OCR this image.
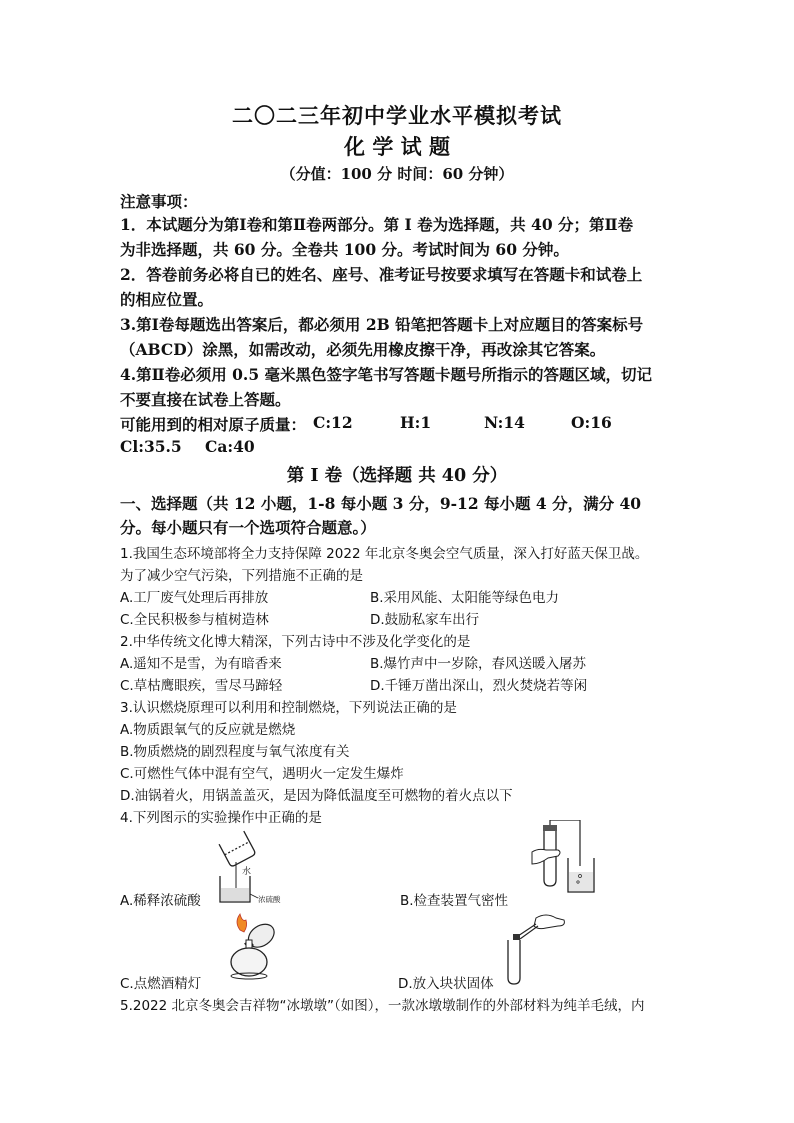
二〇二三年初中学业水平模拟考试
化 学 试 题
（分值：100 分 时间：60 分钟）
注意事项：
1．本试题分为第Ⅰ卷和第Ⅱ卷两部分。第 Ⅰ 卷为选择题，共 40 分；第Ⅱ卷
为非选择题，共 60 分。全卷共 100 分。考试时间为 60 分钟。
2．答卷前务必将自已的姓名、座号、准考证号按要求填写在答题卡和试卷上
的相应位置。
3.第Ⅰ卷每题选出答案后，都必须用 2B 铅笔把答题卡上对应题目的答案标号
（ABCD）涂黑，如需改动，必须先用橡皮擦干净，再改涂其它答案。
4.第Ⅱ卷必须用 0.5 毫米黑色签字笔书写答题卡题号所指示的答题区域，切记
不要直接在试卷上答题。
可能用到的相对原子质量： C:12	H:1	N:14	O:16
Cl:35.5 Ca:40
第 Ⅰ 卷（选择题 共 40 分）
一、选择题（共 12 小题，1-8 每小题 3 分，9-12 每小题 4 分，满分 40
分。每小题只有一个选项符合题意。）
1.我国生态环境部将全力支持保障 2022 年北京冬奥会空气质量，深入打好蓝天保卫战。
为了减少空气污染，下列措施不正确的是
A.工厂废气处理后再排放	B.采用风能、太阳能等绿色电力
C.全民积极参与植树造林	D.鼓励私家车出行
2.中华传统文化博大精深，下列古诗中不涉及化学变化的是
A.遥知不是雪，为有暗香来	B.爆竹声中一岁除，春风送暖入屠苏
C.草枯鹰眼疾，雪尽马蹄轻	D.千锤万凿出深山，烈火焚烧若等闲
3.认识燃烧原理可以利用和控制燃烧，下列说法正确的是
A.物质跟氧气的反应就是燃烧
B.物质燃烧的剧烈程度与氧气浓度有关
C.可燃性气体中混有空气，遇明火一定发生爆炸
D.油锅着火，用锅盖盖灭，是因为降低温度至可燃物的着火点以下
4.下列图示的实验操作中正确的是
水
浓硫酸
A.稀释浓硫酸	B.检查装置气密性
C.点燃酒精灯	D.放入块状固体
5.2022 北京冬奥会吉祥物“冰墩墩”（如图），一款冰墩墩制作的外部材料为纯羊毛绒，内
